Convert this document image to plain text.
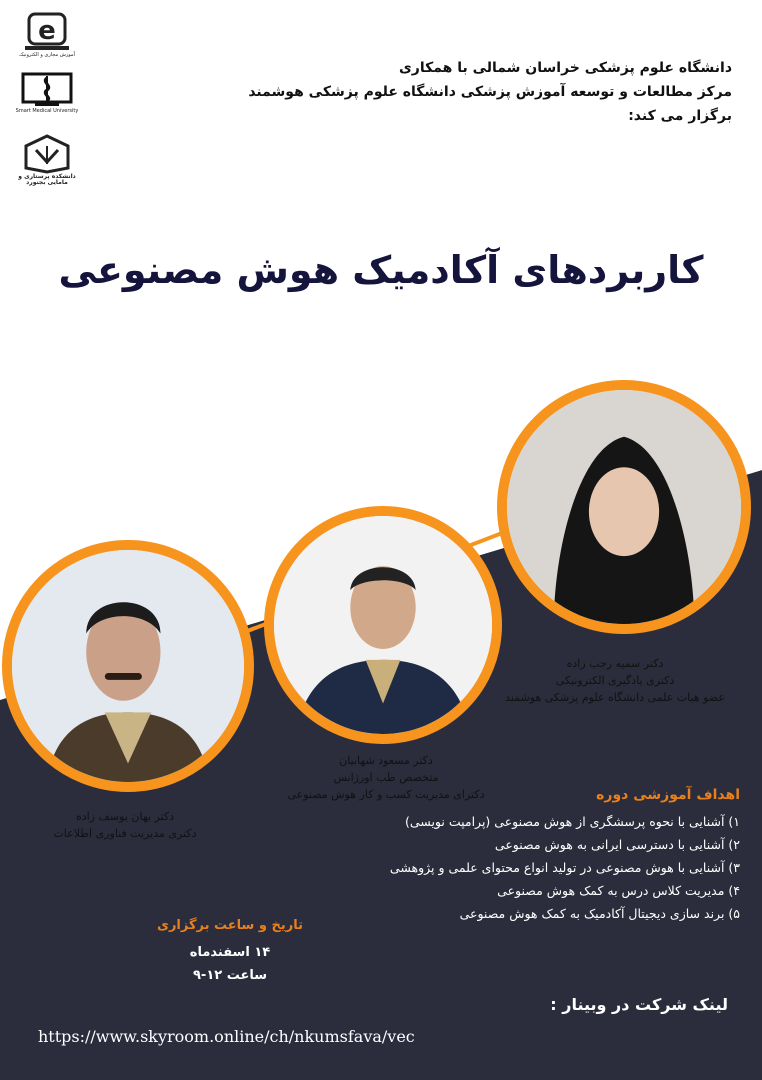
e
آموزش مجازی و الکترونیک
Smart Medical University
دانشکده پرستاری و مامایی بجنورد
دانشگاه علوم پزشکی خراسان شمالی با همکاری
مرکز مطالعات و توسعه آموزش پزشکی دانشگاه علوم پزشکی هوشمند
برگزار می کند:
کاربردهای آکادمیک هوش مصنوعی
دکتر سمیه رجب زاده
دکتری یادگیری الکترونیکی
عضو هیات علمی دانشگاه علوم پزشکی هوشمند
دکتر مسعود شهابیان
متخصص طب اورژانس
دکترای مدیریت کسب و کار هوش مصنوعی
دکتر یهان یوسف زاده
دکتری مدیریت فناوری اطلاعات
اهداف آموزشی دوره
۱) آشنایی با نحوه پرسشگری از هوش مصنوعی (پرامپت نویسی)
۲) آشنایی با دسترسی ایرانی به هوش مصنوعی
۳) آشنایی با هوش مصنوعی در تولید انواع محتوای علمی و پژوهشی
۴) مدیریت کلاس درس به کمک هوش مصنوعی
۵) برند سازی دیجیتال آکادمیک به کمک هوش مصنوعی
تاریخ و ساعت برگزاری
۱۴ اسفندماه
ساعت ۱۲-۹
لینک شرکت در وبینار :
https://www.skyroom.online/ch/nkumsfava/vec
